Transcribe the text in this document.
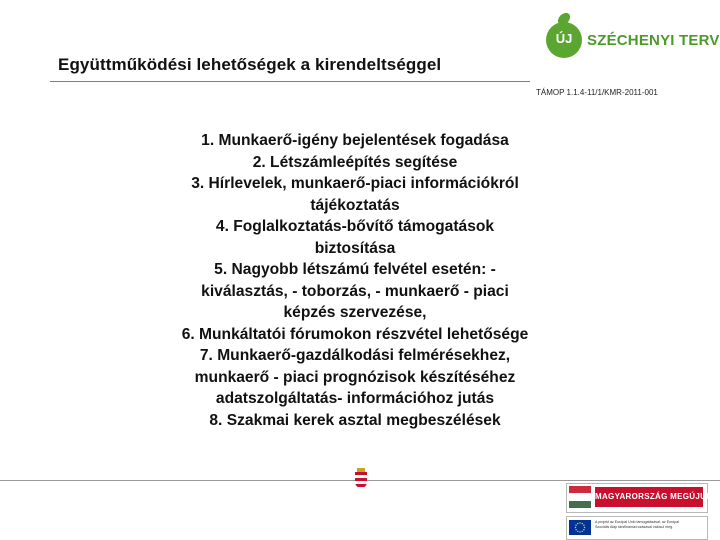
Együttműködési lehetőségek a kirendeltséggel
ÚJ SZÉCHENYI TERV
TÁMOP 1.1.4-11/1/KMR-2011-001
1. Munkaerő-igény bejelentések fogadása
2. Létszámleépítés segítése
3. Hírlevelek, munkaerő-piaci információkról
tájékoztatás
4. Foglalkoztatás-bővítő támogatások
biztosítása
5. Nagyobb létszámú felvétel esetén: -
kiválasztás, - toborzás, - munkaerő - piaci
képzés szervezése,
6. Munkáltatói fórumokon részvétel lehetősége
7. Munkaerő-gazdálkodási felmérésekhez,
munkaerő - piaci prognózisok készítéséhez
adatszolgáltatás- információhoz jutás
8. Szakmai kerek asztal megbeszélések
MAGYARORSZÁG MEGÚJUL
A projekt az Európai Unió támogatásával, az Európai
Szociális Alap társfinanszírozásával valósul meg.
